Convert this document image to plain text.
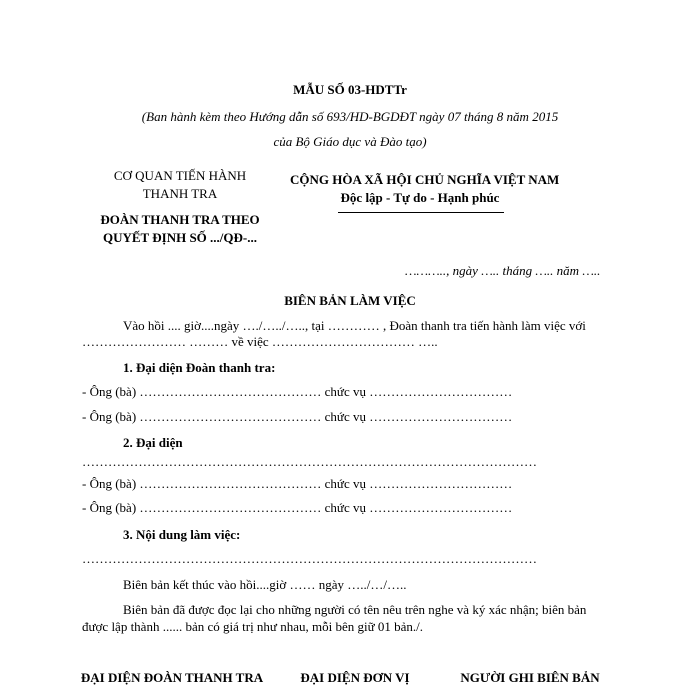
MẪU SỐ 03-HDTTr
(Ban hành kèm theo Hướng dẫn số 693/HD-BGDĐT ngày 07 tháng 8 năm 2015
của Bộ Giáo dục và Đào tạo)
CƠ QUAN TIẾN HÀNH
THANH TRA
ĐOÀN THANH TRA THEO
QUYẾT ĐỊNH SỐ .../QĐ-...
CỘNG HÒA XÃ HỘI CHỦ NGHĨA VIỆT NAM
Độc lập - Tự do - Hạnh phúc
……….., ngày ….. tháng ….. năm …..
BIÊN BẢN LÀM VIỆC
Vào hồi .... giờ....ngày …./…../….., tại ………… , Đoàn thanh tra tiến hành làm việc với
…………………… ……… về việc …………………………… …..
1. Đại diện Đoàn thanh tra:
- Ông (bà) …………………………………… chức vụ ……………………………
- Ông (bà) …………………………………… chức vụ ……………………………
2. Đại diện
……………………………………………………………………………………………
- Ông (bà) …………………………………… chức vụ ……………………………
- Ông (bà) …………………………………… chức vụ ……………………………
3. Nội dung làm việc:
……………………………………………………………………………………………
Biên bản kết thúc vào hồi....giờ …… ngày …../…/…..
Biên bản đã được đọc lại cho những người có tên nêu trên nghe và ký xác nhận; biên bản
được lập thành ...... bản có giá trị như nhau, mỗi bên giữ 01 bản./.
ĐẠI DIỆN ĐOÀN THANH TRA	ĐẠI DIỆN ĐƠN VỊ	NGƯỜI GHI BIÊN BẢN
